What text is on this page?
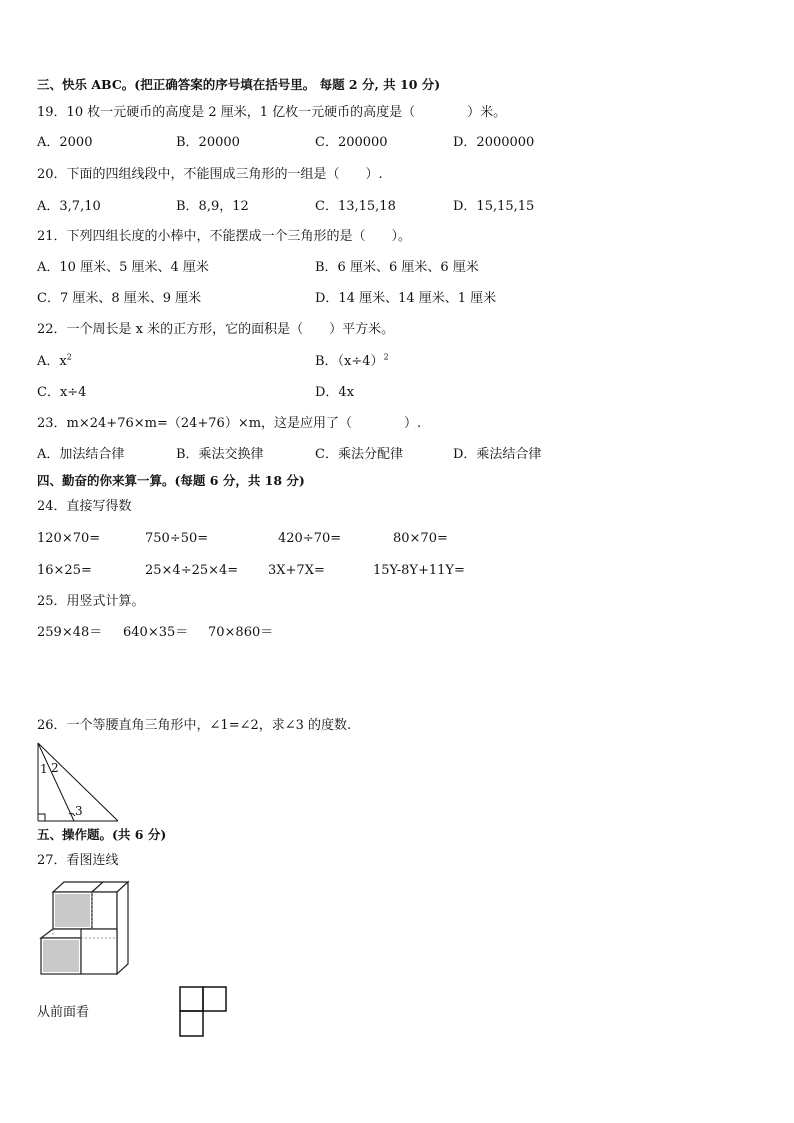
三、快乐 ABC。(把正确答案的序号填在括号里。 每题 2 分, 共 10 分)
19．10 枚一元硬币的高度是 2 厘米，1 亿枚一元硬币的高度是（　　　　）米。
A．2000	B．20000	C．200000	D．2000000
20．下面的四组线段中，不能围成三角形的一组是（　　）.
A．3,7,10	B．8,9，12	C．13,15,18	D．15,15,15
21．下列四组长度的小棒中，不能摆成一个三角形的是（　　）。
A．10 厘米、5 厘米、4 厘米	B．6 厘米、6 厘米、6 厘米
C．7 厘米、8 厘米、9 厘米	D．14 厘米、14 厘米、1 厘米
22．一个周长是 x 米的正方形，它的面积是（　　）平方米。
A．$x^2$	B．$(x\div 4)^2$
C．x÷4	D．4x
23．m×24+76×m=（24+76）×m，这是应用了（　　　　）.
A．加法结合律	B．乘法交换律	C．乘法分配律	D．乘法结合律
四、勤奋的你来算一算。(每题 6 分，共 18 分)
24．直接写得数
120×70=	750÷50=	420÷70=	80×70=
16×25=	25×4÷25×4= 3X+7X=	15Y-8Y+11Y=
25．用竖式计算。
259×48＝ 640×35＝ 70×860＝
26．一个等腰直角三角形中，∠1=∠2，求∠3 的度数.
1 2
3
五、操作题。(共 6 分)
27．看图连线
从前面看
